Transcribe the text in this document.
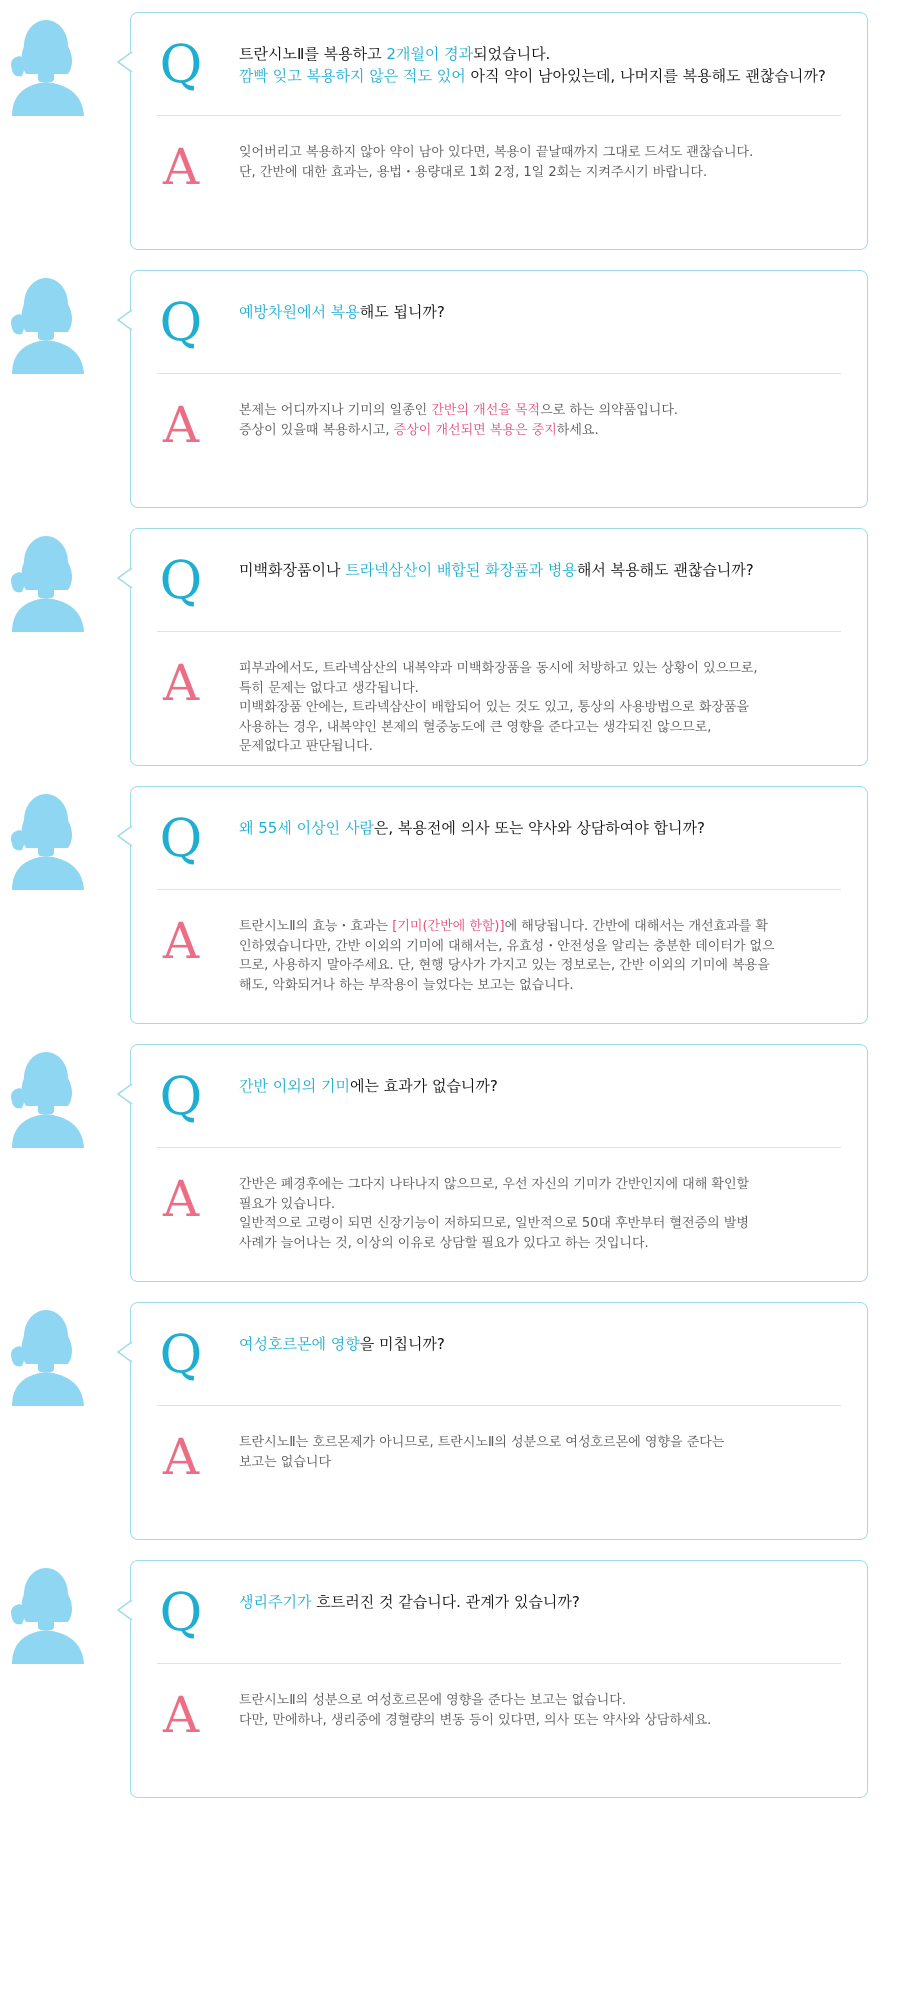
Q 트란시노Ⅱ를 복용하고 2개월이 경과되었습니다.
깜빡 잊고 복용하지 않은 적도 있어 아직 약이 남아있는데, 나머지를 복용해도 괜찮습니까?
A	잊어버리고 복용하지 않아 약이 남아 있다면, 복용이 끝날때까지 그대로 드셔도 괜찮습니다.
단, 간반에 대한 효과는, 용법・용량대로 1회 2정, 1일 2회는 지켜주시기 바랍니다.
Q 예방차원에서 복용해도 됩니까?
A	본제는 어디까지나 기미의 일종인 간반의 개선을 목적으로 하는 의약품입니다.
증상이 있을때 복용하시고, 증상이 개선되면 복용은 중지하세요.
Q 미백화장품이나 트라넥삼산이 배합된 화장품과 병용해서 복용해도 괜찮습니까?
A	피부과에서도, 트라넥삼산의 내복약과 미백화장품을 동시에 처방하고 있는 상황이 있으므로,
특히 문제는 없다고 생각됩니다.
미백화장품 안에는, 트라넥삼산이 배합되어 있는 것도 있고, 통상의 사용방법으로 화장품을
사용하는 경우, 내복약인 본제의 혈중농도에 큰 영향을 준다고는 생각되진 않으므로,
문제없다고 판단됩니다.
Q 왜 55세 이상인 사람은, 복용전에 의사 또는 약사와 상담하여야 합니까?
A	트란시노Ⅱ의 효능・효과는 [기미(간반에 한함)]에 해당됩니다. 간반에 대해서는 개선효과를 확
인하였습니다만, 간반 이외의 기미에 대해서는, 유효성・안전성을 알리는 충분한 데이터가 없으
므로, 사용하지 말아주세요. 단, 현행 당사가 가지고 있는 정보로는, 간반 이외의 기미에 복용을
해도, 악화되거나 하는 부작용이 늘었다는 보고는 없습니다.
Q 간반 이외의 기미에는 효과가 없습니까?
A	간반은 폐경후에는 그다지 나타나지 않으므로, 우선 자신의 기미가 간반인지에 대해 확인할
필요가 있습니다.
일반적으로 고령이 되면 신장기능이 저하되므로, 일반적으로 50대 후반부터 혈전증의 발병
사례가 늘어나는 것, 이상의 이유로 상담할 필요가 있다고 하는 것입니다.
Q 여성호르몬에 영향을 미칩니까?
A	트란시노Ⅱ는 호르몬제가 아니므로, 트란시노Ⅱ의 성분으로 여성호르몬에 영향을 준다는
보고는 없습니다
Q 생리주기가 흐트러진 것 같습니다. 관계가 있습니까?
A	트란시노Ⅱ의 성분으로 여성호르몬에 영향을 준다는 보고는 없습니다.
다만, 만에하나, 생리중에 경혈량의 변동 등이 있다면, 의사 또는 약사와 상담하세요.
